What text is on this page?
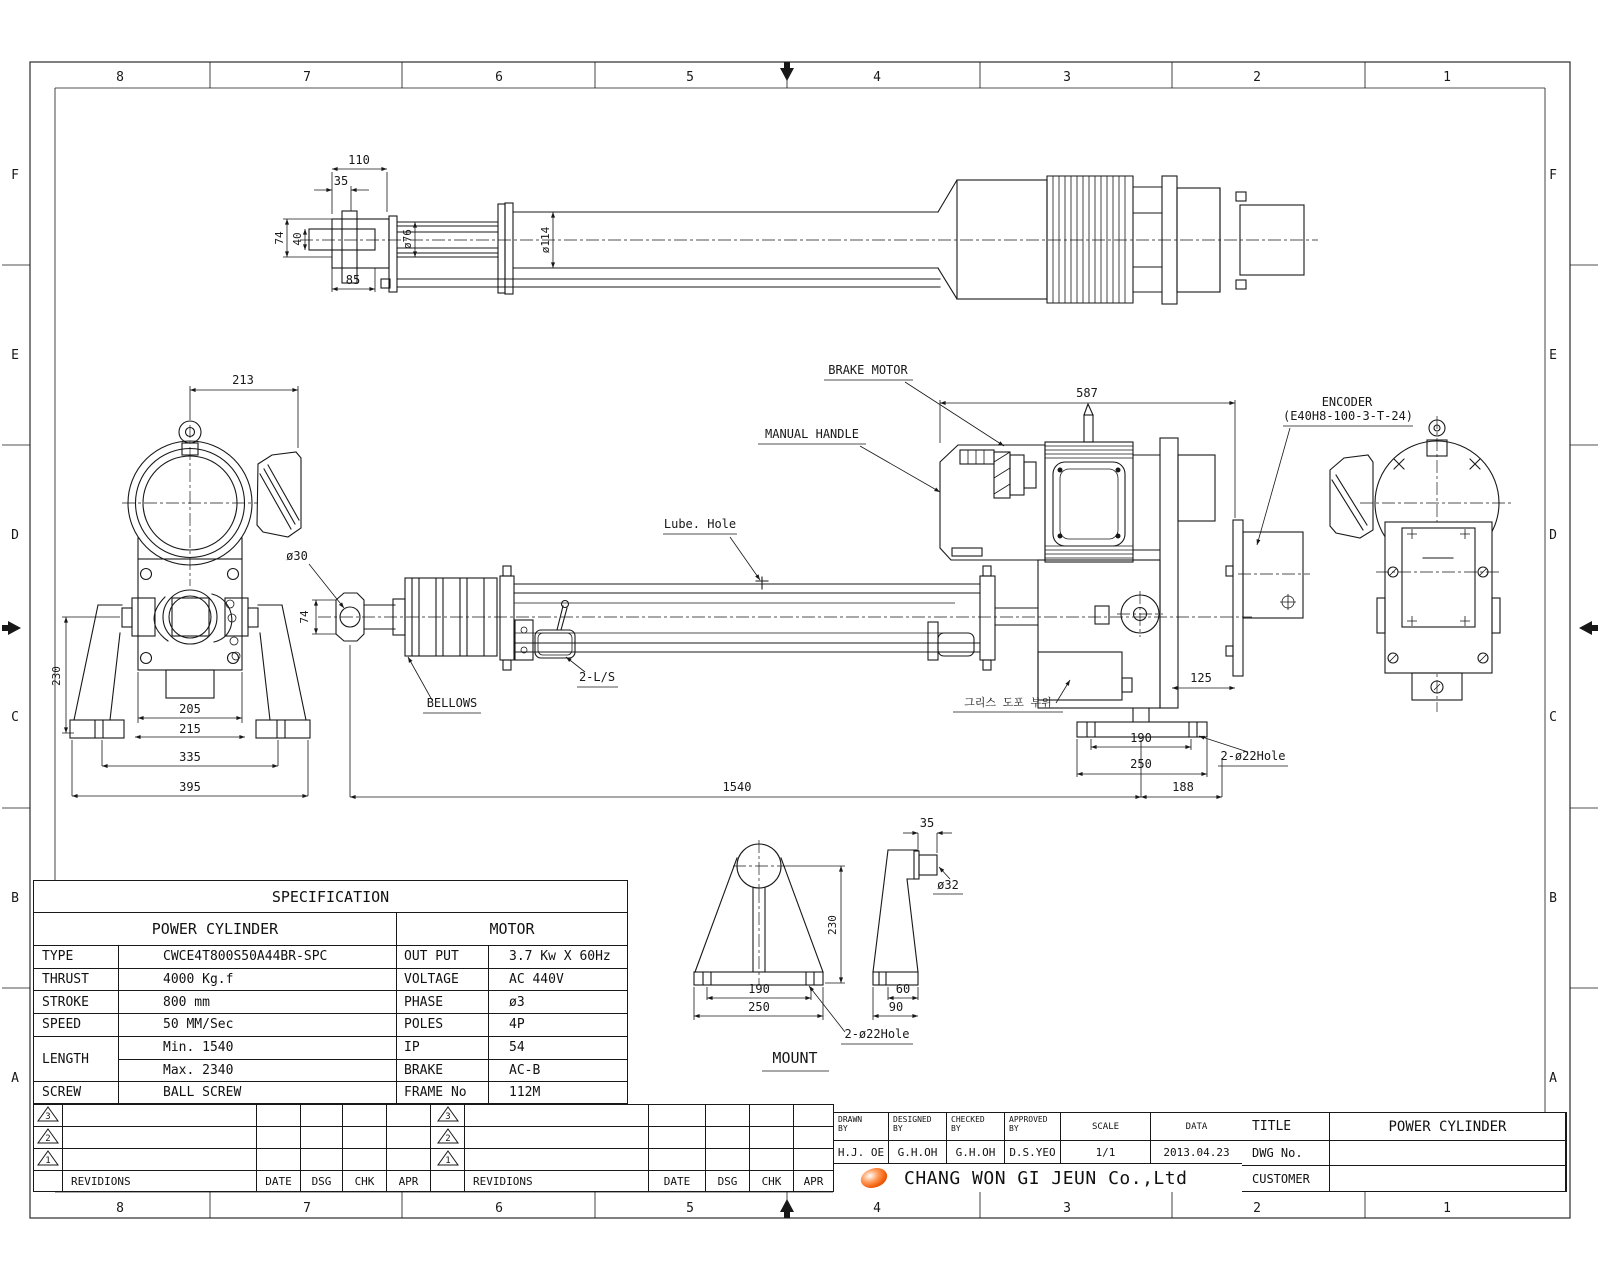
8	7	6	5	4	3	2	1
8	7	6	5	4	3	2	1
F
E
D
C
B
A
F
E
D
C
B
A
110
35
74 40
85
ø76	ø114
213
230
205
215
335
395
587
125
190
250
1540	188
BRAKE MOTOR
MANUAL HANDLE
Lube. Hole
BELLOWS
2-L/S
그리스 도포 부위
2-ø22Hole
ENCODER
(E40H8-100-3-T-24)
ø30
74
230
190
250
2-ø22Hole
35
ø32
60
90
MOUNT
SPECIFICATION			
POWER CYLINDER		MOTOR	
TYPE	CWCE4T800S50A44BR-SPC	OUT PUT	3.7 Kw X 60Hz
THRUST	4000 Kg.f	VOLTAGE	AC 440V
STROKE	800 mm	PHASE	ø3
SPEED	50 MM/Sec	POLES	4P
LENGTH	Min. 1540	IP	54
	Max. 2340	BRAKE	AC-B
SCREW	BALL SCREW	FRAME No	112M
3					

2					

1					

	REVIDIONS	DATE	DSG	CHK	APR
3					

2					

1					

	REVIDIONS	DATE	DSG	CHK	APR
DRAWN
BY
DESIGNED
BY
CHECKED
BY
APPROVED
BY	SCALE	DATA
H.J. OE	G.H.OH	G.H.OH	D.S.YEO	1/1	2013.04.23
CHANG WON GI JEUN Co.,Ltd
TITLE	POWER CYLINDER
DWG No.
CUSTOMER
